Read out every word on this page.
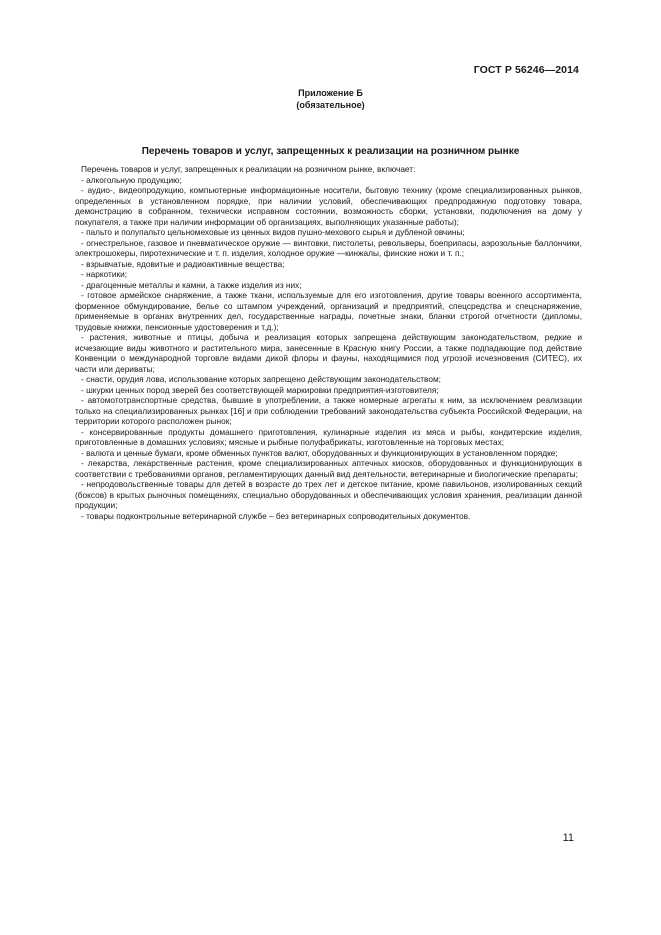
ГОСТ Р 56246—2014
Приложение Б
(обязательное)
Перечень товаров и услуг, запрещенных к реализации на розничном рынке

Перечень товаров и услуг, запрещенных к реализации на розничном рынке, включает:

- алкогольную продукцию;

- аудио-, видеопродукцию, компьютерные информационные носители, бытовую технику (кроме специализированных рынков, определенных в установленном порядке, при наличии условий, обеспечивающих предпродажную подготовку товара, демонстрацию в собранном, технически исправном состоянии, возможность сборки, установки, подключения на дому у покупателя, а также при наличии информации об организациях, выполняющих указанные работы);

- пальто и полупальто цельномеховые из ценных видов пушно-мехового сырья и дубленой овчины;

- огнестрельное, газовое и пневматическое оружие — винтовки, пистолеты, револьверы, боеприпасы, аэрозольные баллончики, электрошокеры, пиротехнические и т. п. изделия, холодное оружие —кинжалы, финские ножи и т. п.;

- взрывчатые, ядовитые и радиоактивные вещества;

- наркотики;

- драгоценные металлы и камни, а также изделия из них;

- готовое армейское снаряжение, а также ткани, используемые для его изготовления, другие товары военного ассортимента, форменное обмундирование, белье со штампом учреждений, организаций и предприятий, спецсредства и спецснаряжение, применяемые в органах внутренних дел, государственные награды, почетные знаки, бланки строгой отчетности (дипломы, трудовые книжки, пенсионные удостоверения и т.д.);

- растения, животные и птицы, добыча и реализация которых запрещена действующим законодательством, редкие и исчезающие виды животного и растительного мира, занесенные в Красную книгу России, а также подпадающие под действие Конвенции о международной торговле видами дикой флоры и фауны, находящимися под угрозой исчезновения (СИТЕС), их части или дериваты;

- снасти, орудия лова, использование которых запрещено действующим законодательством;

- шкурки ценных пород зверей без соответствующей маркировки предприятия-изготовителя;

- автомототранспортные средства, бывшие в употреблении, а также номерные агрегаты к ним, за исключением реализации только на специализированных рынках [16] и при соблюдении требований законодательства субъекта Российской Федерации, на территории которого расположен рынок;

- консервированные продукты домашнего приготовления, кулинарные изделия из мяса и рыбы, кондитерские изделия, приготовленные в домашних условиях; мясные и рыбные полуфабрикаты, изготовленные на торговых местах;

- валюта и ценные бумаги, кроме обменных пунктов валют, оборудованных и функционирующих в установленном порядке;

- лекарства, лекарственные растения, кроме специализированных аптечных киосков, оборудованных и функционирующих в соответствии с требованиями органов, регламентирующих данный вид деятельности, ветеринарные и биологические препараты;

- непродовольственные товары для детей в возрасте до трех лет и детское питание, кроме павильонов, изолированных секций (боксов) в крытых рыночных помещениях, специально оборудованных и обеспечивающих условия хранения, реализации данной продукции;

- товары подконтрольные ветеринарной службе – без ветеринарных сопроводительных документов.

11
